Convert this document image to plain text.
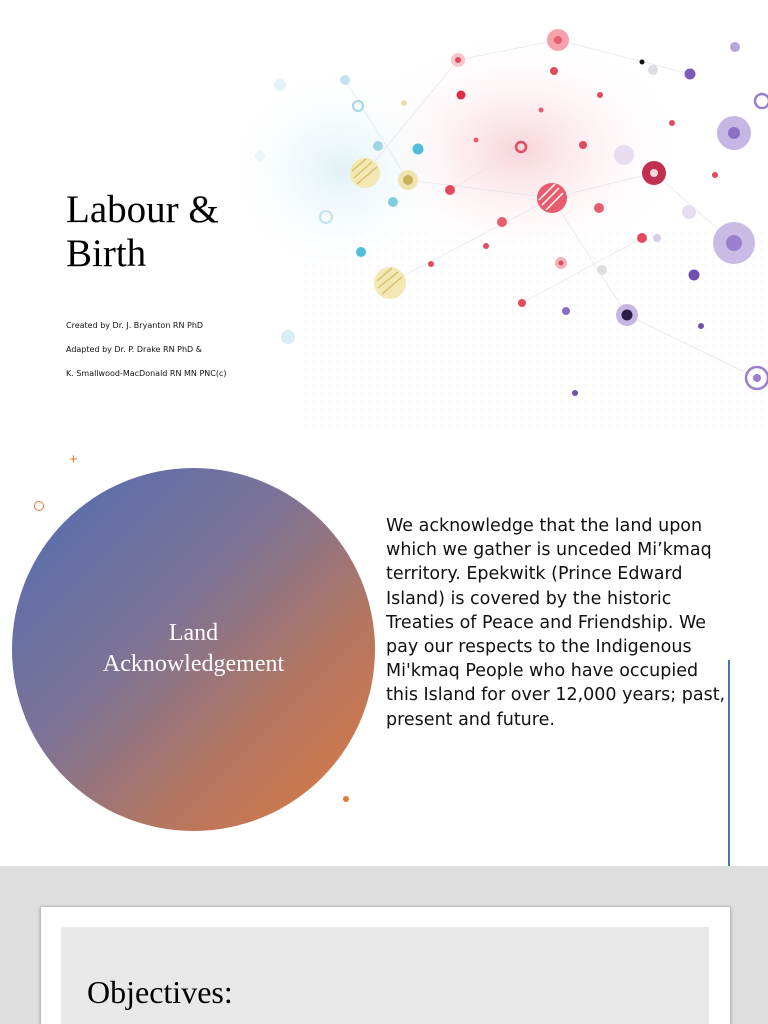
Labour &
Birth
Created by Dr. J. Bryanton RN PhD
Adapted by Dr. P. Drake RN PhD &
K. Smallwood-MacDonald RN MN PNC(c)
+
Land
Acknowledgement

We acknowledge that the land upon which we gather is unceded Mi’kmaq territory. Epekwitk (Prince Edward Island) is covered by the historic Treaties of Peace and Friendship. We pay our respects to the Indigenous Mi'kmaq People who have occupied this Island for over 12,000 years; past, present and future.

Objectives:
